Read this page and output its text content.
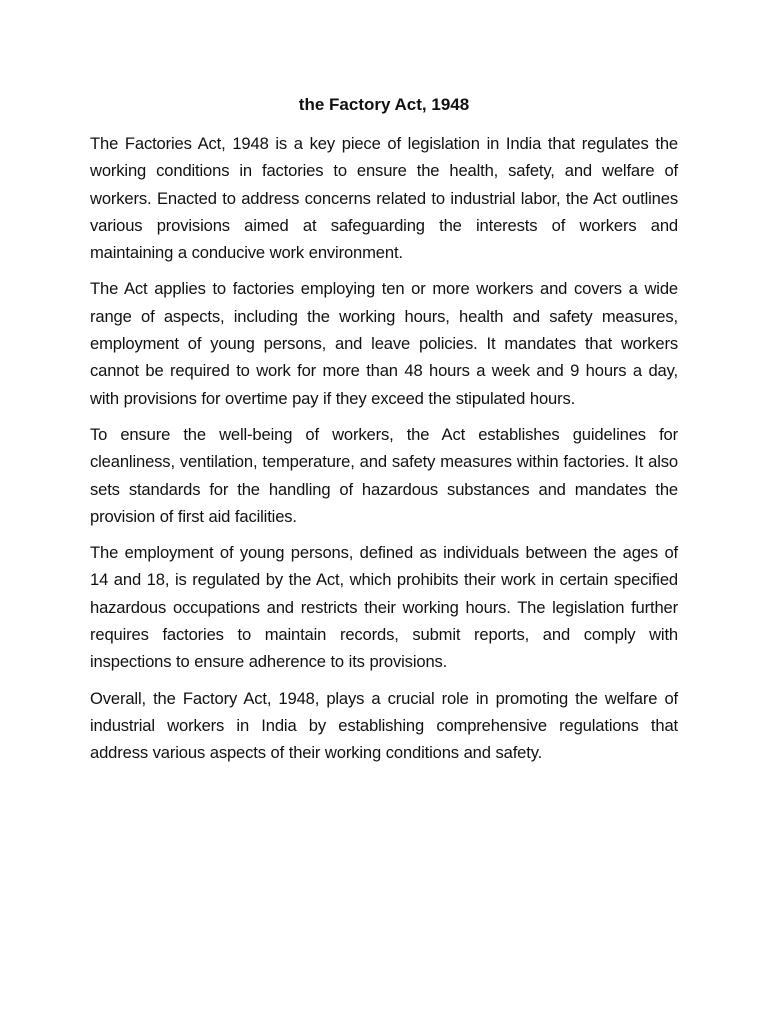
the Factory Act, 1948

The Factories Act, 1948 is a key piece of legislation in India that regulates the working conditions in factories to ensure the health, safety, and welfare of workers. Enacted to address concerns related to industrial labor, the Act outlines various provisions aimed at safeguarding the interests of workers and maintaining a conducive work environment.

The Act applies to factories employing ten or more workers and covers a wide range of aspects, including the working hours, health and safety measures, employment of young persons, and leave policies. It mandates that workers cannot be required to work for more than 48 hours a week and 9 hours a day, with provisions for overtime pay if they exceed the stipulated hours.

To ensure the well-being of workers, the Act establishes guidelines for cleanliness, ventilation, temperature, and safety measures within factories. It also sets standards for the handling of hazardous substances and mandates the provision of first aid facilities.

The employment of young persons, defined as individuals between the ages of 14 and 18, is regulated by the Act, which prohibits their work in certain specified hazardous occupations and restricts their working hours. The legislation further requires factories to maintain records, submit reports, and comply with inspections to ensure adherence to its provisions.

Overall, the Factory Act, 1948, plays a crucial role in promoting the welfare of industrial workers in India by establishing comprehensive regulations that address various aspects of their working conditions and safety.
